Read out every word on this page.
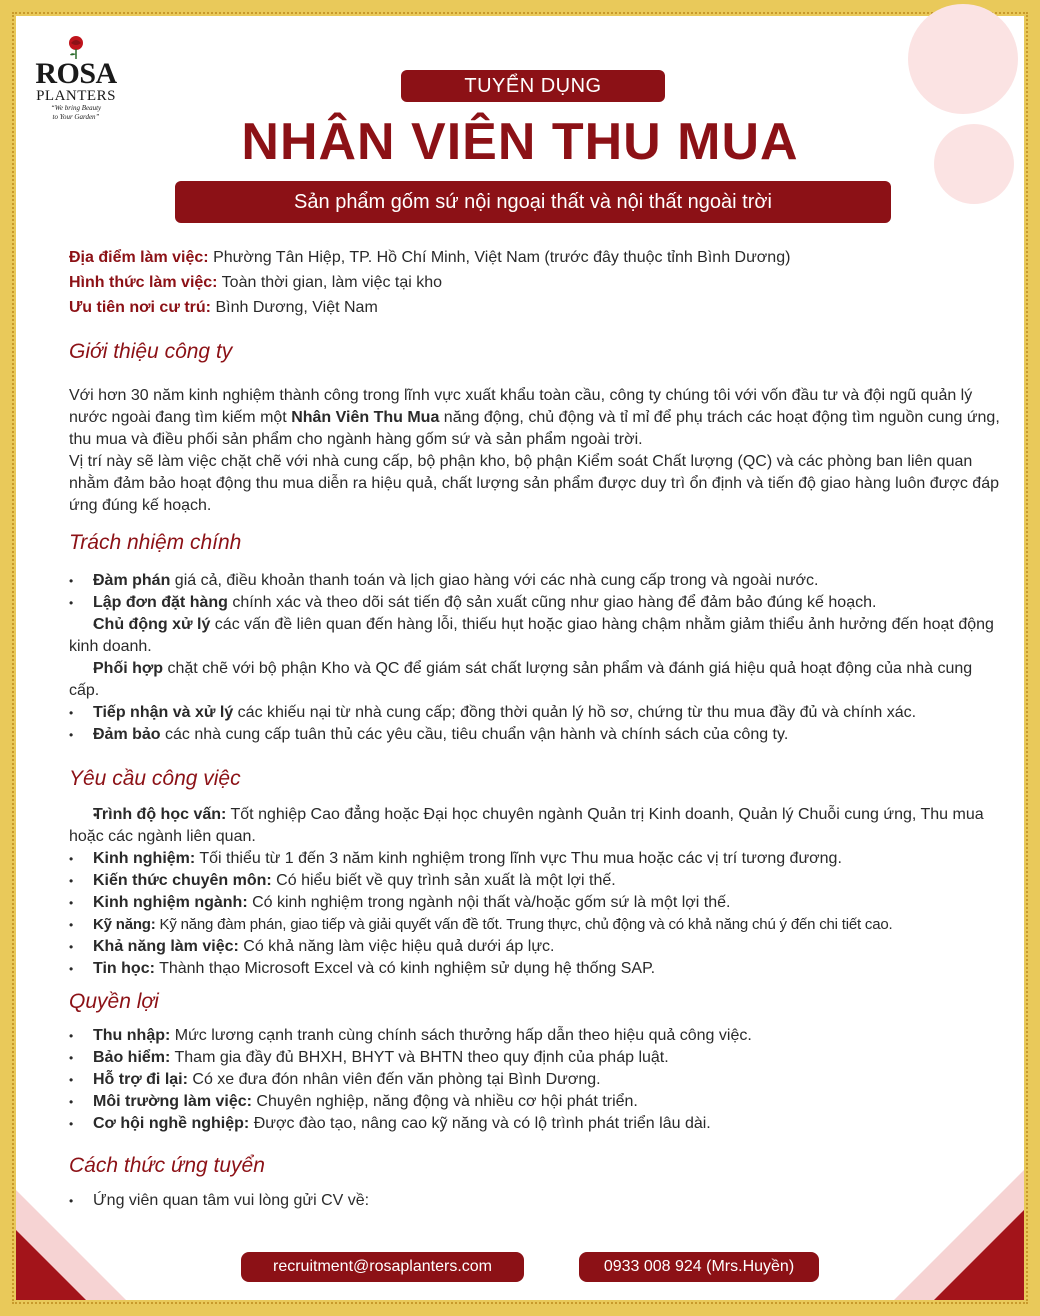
ROSA
PLANTERS
“We bring Beauty
to Your Garden”
TUYỂN DỤNG
NHÂN VIÊN THU MUA
Sản phẩm gốm sứ nội ngoại thất và nội thất ngoài trời
Địa điểm làm việc: Phường Tân Hiệp, TP. Hồ Chí Minh, Việt Nam (trước đây thuộc tỉnh Bình Dương)
Hình thức làm việc: Toàn thời gian, làm việc tại kho
Ưu tiên nơi cư trú: Bình Dương, Việt Nam
Giới thiệu công ty

Với hơn 30 năm kinh nghiệm thành công trong lĩnh vực xuất khẩu toàn cầu, công ty chúng tôi với vốn đầu tư và đội ngũ quản lý nước ngoài đang tìm kiếm một Nhân Viên Thu Mua năng động, chủ động và tỉ mỉ để phụ trách các hoạt động tìm nguồn cung ứng, thu mua và điều phối sản phẩm cho ngành hàng gốm sứ và sản phẩm ngoài trời.

Vị trí này sẽ làm việc chặt chẽ với nhà cung cấp, bộ phận kho, bộ phận Kiểm soát Chất lượng (QC) và các phòng ban liên quan nhằm đảm bảo hoạt động thu mua diễn ra hiệu quả, chất lượng sản phẩm được duy trì ổn định và tiến độ giao hàng luôn được đáp ứng đúng kế hoạch.

Trách nhiệm chính
• Đàm phán giá cả, điều khoản thanh toán và lịch giao hàng với các nhà cung cấp trong và ngoài nước.
• Lập đơn đặt hàng chính xác và theo dõi sát tiến độ sản xuất cũng như giao hàng để đảm bảo đúng kế hoạch.
• Chủ động xử lý các vấn đề liên quan đến hàng lỗi, thiếu hụt hoặc giao hàng chậm nhằm giảm thiểu ảnh hưởng đến hoạt động kinh doanh.
• Phối hợp chặt chẽ với bộ phận Kho và QC để giám sát chất lượng sản phẩm và đánh giá hiệu quả hoạt động của nhà cung cấp.
• Tiếp nhận và xử lý các khiếu nại từ nhà cung cấp; đồng thời quản lý hồ sơ, chứng từ thu mua đầy đủ và chính xác.
• Đảm bảo các nhà cung cấp tuân thủ các yêu cầu, tiêu chuẩn vận hành và chính sách của công ty.
Yêu cầu công việc
• Trình độ học vấn: Tốt nghiệp Cao đẳng hoặc Đại học chuyên ngành Quản trị Kinh doanh, Quản lý Chuỗi cung ứng, Thu mua hoặc các ngành liên quan.
• Kinh nghiệm: Tối thiểu từ 1 đến 3 năm kinh nghiệm trong lĩnh vực Thu mua hoặc các vị trí tương đương.
• Kiến thức chuyên môn: Có hiểu biết về quy trình sản xuất là một lợi thế.
• Kinh nghiệm ngành: Có kinh nghiệm trong ngành nội thất và/hoặc gốm sứ là một lợi thế.
• Kỹ năng: Kỹ năng đàm phán, giao tiếp và giải quyết vấn đề tốt. Trung thực, chủ động và có khả năng chú ý đến chi tiết cao.
• Khả năng làm việc: Có khả năng làm việc hiệu quả dưới áp lực.
• Tin học: Thành thạo Microsoft Excel và có kinh nghiệm sử dụng hệ thống SAP.
Quyền lợi
• Thu nhập: Mức lương cạnh tranh cùng chính sách thưởng hấp dẫn theo hiệu quả công việc.
• Bảo hiểm: Tham gia đầy đủ BHXH, BHYT và BHTN theo quy định của pháp luật.
• Hỗ trợ đi lại: Có xe đưa đón nhân viên đến văn phòng tại Bình Dương.
• Môi trường làm việc: Chuyên nghiệp, năng động và nhiều cơ hội phát triển.
• Cơ hội nghề nghiệp: Được đào tạo, nâng cao kỹ năng và có lộ trình phát triển lâu dài.
Cách thức ứng tuyển
• Ứng viên quan tâm vui lòng gửi CV về:
recruitment@rosaplanters.com	0933 008 924 (Mrs.Huyền)
